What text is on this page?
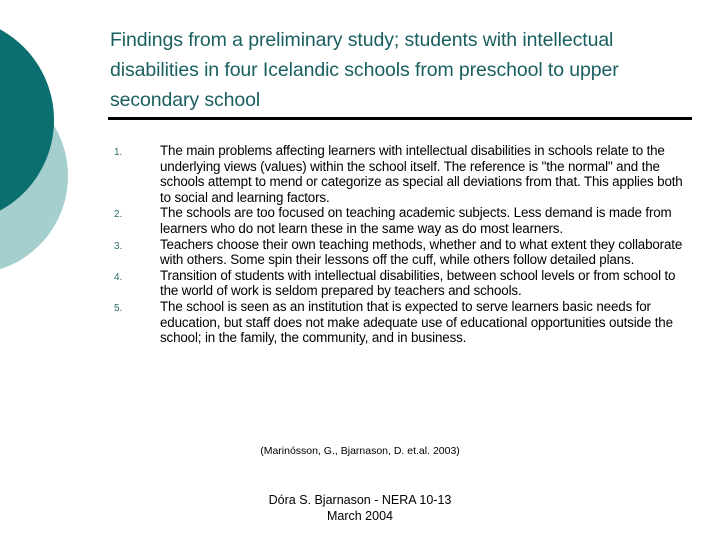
Findings from a preliminary study; students with intellectual disabilities in four Icelandic schools from preschool to upper secondary school
1.	The main problems affecting learners with intellectual disabilities in schools relate to the underlying views (values) within the school itself. The reference is "the normal" and the schools attempt to mend or categorize as special all deviations from that. This applies both to social and learning factors.
2.	The schools are too focused on teaching academic subjects. Less demand is made from learners who do not learn these in the same way as do most learners.
3.	Teachers choose their own teaching methods, whether and to what extent they collaborate with others. Some spin their lessons off the cuff, while others follow detailed plans.
4.	Transition of students with intellectual disabilities, between school levels or from school to the world of work is seldom prepared by teachers and schools.
5.	The school is seen as an institution that is expected to serve learners basic needs for education, but staff does not make adequate use of educational opportunities outside the school; in the family, the community, and in business.
(Marinósson, G., Bjarnason, D. et.al. 2003)
Dóra S. Bjarnason - NERA 10-13
March 2004
